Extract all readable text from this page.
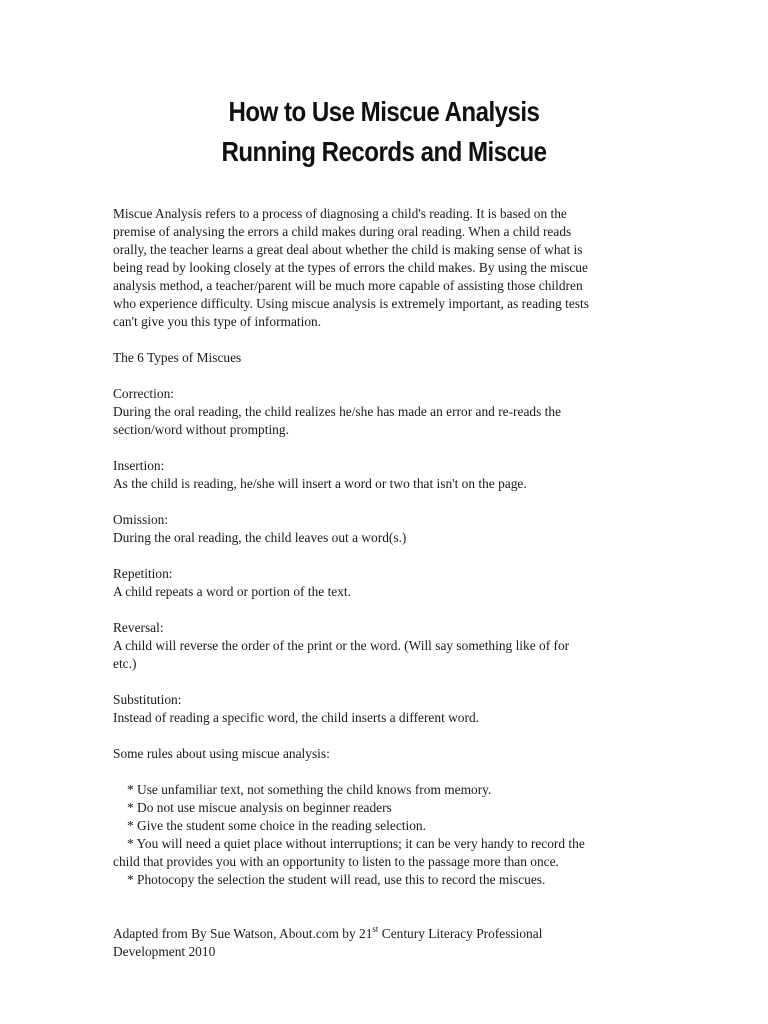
How to Use Miscue Analysis
Running Records and Miscue
Miscue Analysis refers to a process of diagnosing a child's reading. It is based on the
premise of analysing the errors a child makes during oral reading. When a child reads
orally, the teacher learns a great deal about whether the child is making sense of what is
being read by looking closely at the types of errors the child makes. By using the miscue
analysis method, a teacher/parent will be much more capable of assisting those children
who experience difficulty. Using miscue analysis is extremely important, as reading tests
can't give you this type of information.
The 6 Types of Miscues
Correction:
During the oral reading, the child realizes he/she has made an error and re-reads the
section/word without prompting.
Insertion:
As the child is reading, he/she will insert a word or two that isn't on the page.
Omission:
During the oral reading, the child leaves out a word(s.)
Repetition:
A child repeats a word or portion of the text.
Reversal:
A child will reverse the order of the print or the word. (Will say something like of for
etc.)
Substitution:
Instead of reading a specific word, the child inserts a different word.
Some rules about using miscue analysis:
* Use unfamiliar text, not something the child knows from memory.
* Do not use miscue analysis on beginner readers
* Give the student some choice in the reading selection.
* You will need a quiet place without interruptions; it can be very handy to record the
child that provides you with an opportunity to listen to the passage more than once.
* Photocopy the selection the student will read, use this to record the miscues.
Adapted from By Sue Watson, About.com by 21st Century Literacy Professional
Development 2010
